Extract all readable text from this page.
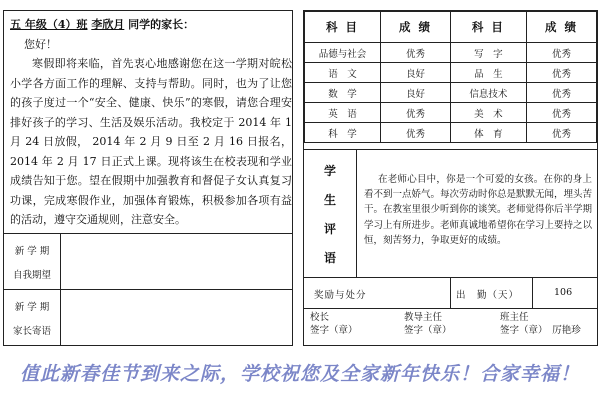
五 年级（4）班 李欣月 同学的家长：

您好！

寒假即将来临，首先衷心地感谢您在这一学期对皖松小学各方面工作的理解、支持与帮助。同时，也为了让您的孩子度过一个“安全、健康、快乐”的寒假，请您合理安排好孩子的学习、生活及娱乐活动。我校定于 2014 年 1 月 24 日放假， 2014 年 2 月 9 日至 2 月 16 日报名，2014 年 2 月 17 日正式上课。现将该生在校表现和学业成绩告知于您。望在假期中加强教育和督促子女认真复习功课，完成寒假作业，加强体育锻炼，积极参加各项有益的活动，遵守交通规则，注意安全。

新 学 期
自我期望
新 学 期
家长寄语
科 目	成 绩	科 目	成 绩
品德与社会	优秀	写　字	优秀
语　文	良好	品　生	优秀
数　学	良好	信息技术	优秀
英　语	优秀	美　术	优秀
科　学	优秀	体　育	优秀
学
生
评
语
在老师心目中，你是一个可爱的女孩。在你的身上看不到一点娇气。每次劳动时你总是默默无闻，埋头苦干。在教室里很少听到你的谈笑。老师觉得你后半学期学习上有所进步。老师真诚地希望你在学习上要持之以恒，刻苦努力，争取更好的成绩。
奖励与处分	出　勤（天）	106
校长
签字（章）
教导主任
签字（章）
班主任
签字（章）　厉艳珍
值此新春佳节到来之际，学校祝您及全家新年快乐！合家幸福！
